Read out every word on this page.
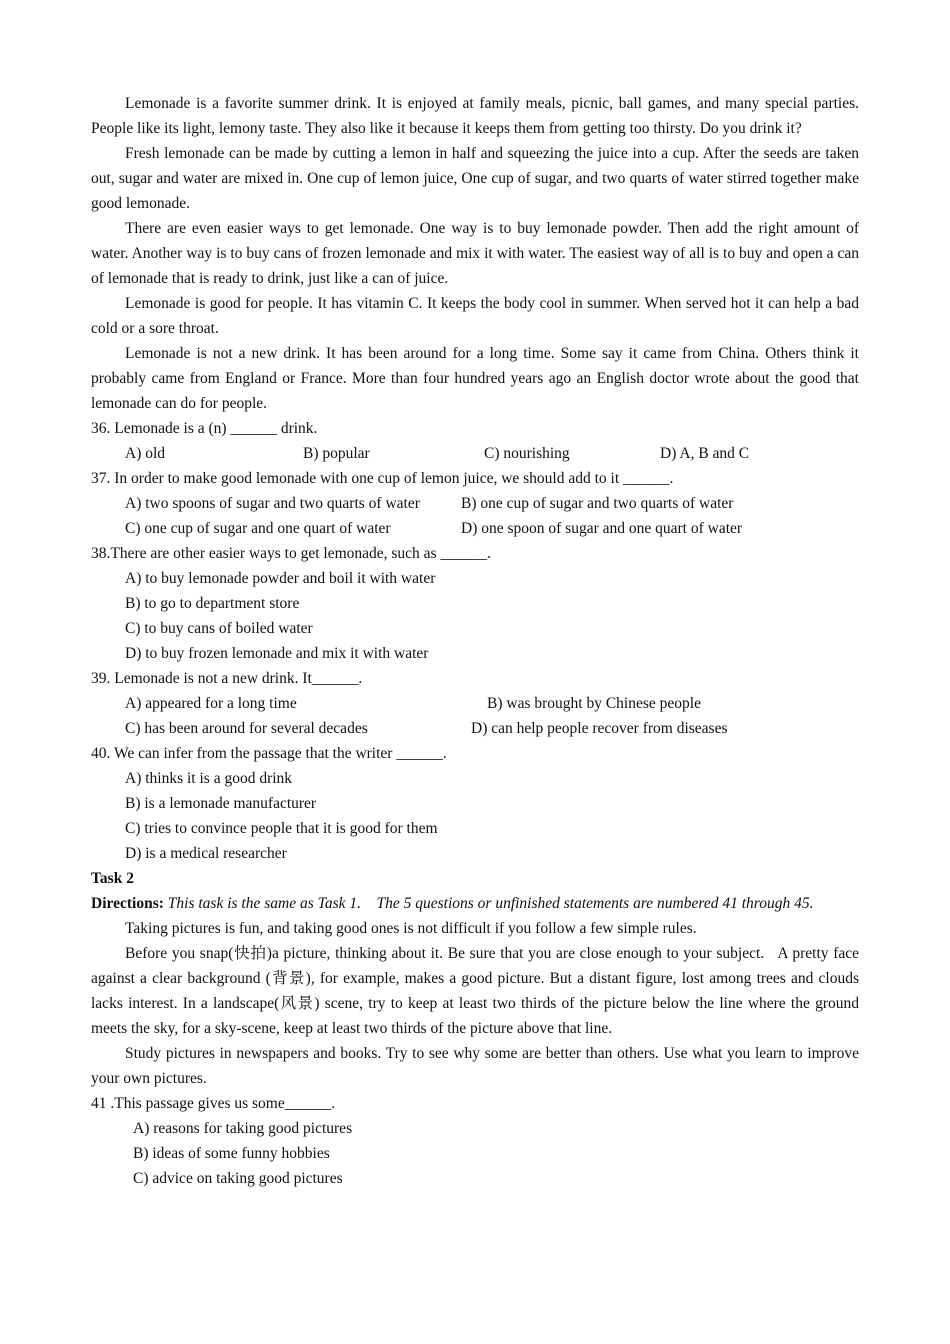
Lemonade is a favorite summer drink. It is enjoyed at family meals, picnic, ball games, and many special parties. People like its light, lemony taste. They also like it because it keeps them from getting too thirsty. Do you drink it?

Fresh lemonade can be made by cutting a lemon in half and squeezing the juice into a cup. After the seeds are taken out, sugar and water are mixed in. One cup of lemon juice, One cup of sugar, and two quarts of water stirred together make good lemonade.

There are even easier ways to get lemonade. One way is to buy lemonade powder. Then add the right amount of water. Another way is to buy cans of frozen lemonade and mix it with water. The easiest way of all is to buy and open a can of lemonade that is ready to drink, just like a can of juice.

Lemonade is good for people. It has vitamin C. It keeps the body cool in summer. When served hot it can help a bad cold or a sore throat.

Lemonade is not a new drink. It has been around for a long time. Some say it came from China. Others think it probably came from England or France. More than four hundred years ago an English doctor wrote about the good that lemonade can do for people.

36. Lemonade is a (n) ______ drink.

A) old	B) popular	C) nourishing	D) A, B and C

37. In order to make good lemonade with one cup of lemon juice, we should add to it ______.

A) two spoons of sugar and two quarts of water	B) one cup of sugar and two quarts of water
C) one cup of sugar and one quart of water	D) one spoon of sugar and one quart of water

38.There are other easier ways to get lemonade, such as ______.

A) to buy lemonade powder and boil it with water

B) to go to department store

C) to buy cans of boiled water

D) to buy frozen lemonade and mix it with water

39. Lemonade is not a new drink. It______.

A) appeared for a long time	B) was brought by Chinese people
C) has been around for several decades	D) can help people recover from diseases

40. We can infer from the passage that the writer ______.

A) thinks it is a good drink

B) is a lemonade manufacturer

C) tries to convince people that it is good for them

D) is a medical researcher

Task 2

Directions: This task is the same as Task 1.    The 5 questions or unfinished statements are numbered 41 through 45.

Taking pictures is fun, and taking good ones is not difficult if you follow a few simple rules.

Before you snap(快拍)a picture, thinking about it. Be sure that you are close enough to your subject.   A pretty face against a clear background (背景), for example, makes a good picture. But a distant figure, lost among trees and clouds lacks interest. In a landscape(风景) scene, try to keep at least two thirds of the picture below the line where the ground meets the sky, for a sky-scene, keep at least two thirds of the picture above that line.

Study pictures in newspapers and books. Try to see why some are better than others. Use what you learn to improve your own pictures.

41 .This passage gives us some______.

A) reasons for taking good pictures

B) ideas of some funny hobbies

C) advice on taking good pictures
